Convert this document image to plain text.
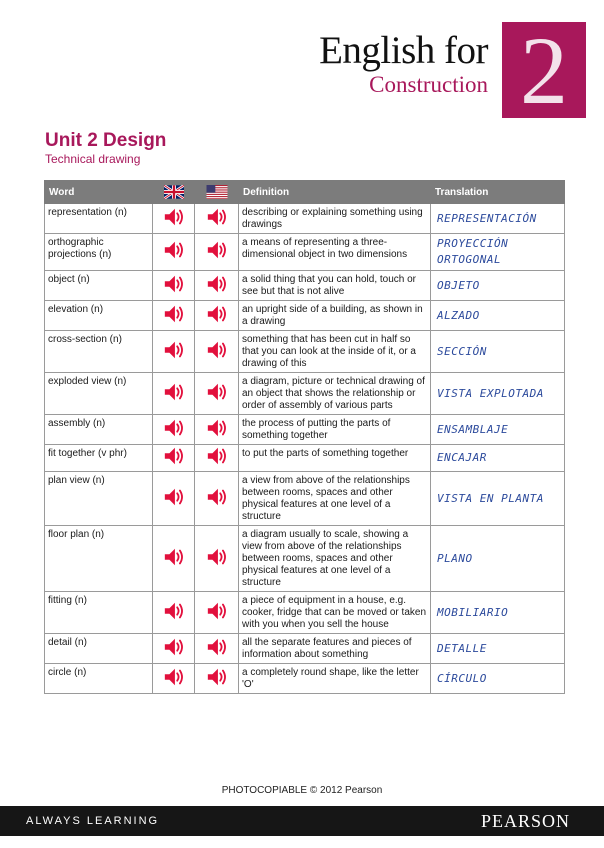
English for
Construction 2
Unit 2 Design
Technical drawing
Word			Definition	Translation
representation (n)			describing or explaining something using drawings	REPRESENTACIÓN
orthographic projections (n)			a means of representing a three-dimensional object in two dimensions	PROYECCIÓN ORTOGONAL
object (n)			a solid thing that you can hold, touch or see but that is not alive	OBJETO
elevation (n)			an upright side of a building, as shown in a drawing	ALZADO
cross-section (n)			something that has been cut in half so that you can look at the inside of it, or a drawing of this	SECCIÓN
exploded view (n)			a diagram, picture or technical drawing of an object that shows the relationship or order of assembly of various parts	VISTA EXPLOTADA
assembly (n)			the process of putting the parts of something together	ENSAMBLAJE
fit together (v phr)			to put the parts of something together	ENCAJAR
plan view (n)			a view from above of the relationships between rooms, spaces and other physical features at one level of a structure	VISTA EN PLANTA
floor plan (n)			a diagram usually to scale, showing a view from above of the relationships between rooms, spaces and other physical features at one level of a structure	PLANO
fitting (n)			a piece of equipment in a house, e.g. cooker, fridge that can be moved or taken with you when you sell the house	MOBILIARIO
detail (n)			all the separate features and pieces of information about something	DETALLE
circle (n)			a completely round shape, like the letter 'O'	CÍRCULO
PHOTOCOPIABLE © 2012 Pearson
ALWAYS LEARNING	PEARSON
